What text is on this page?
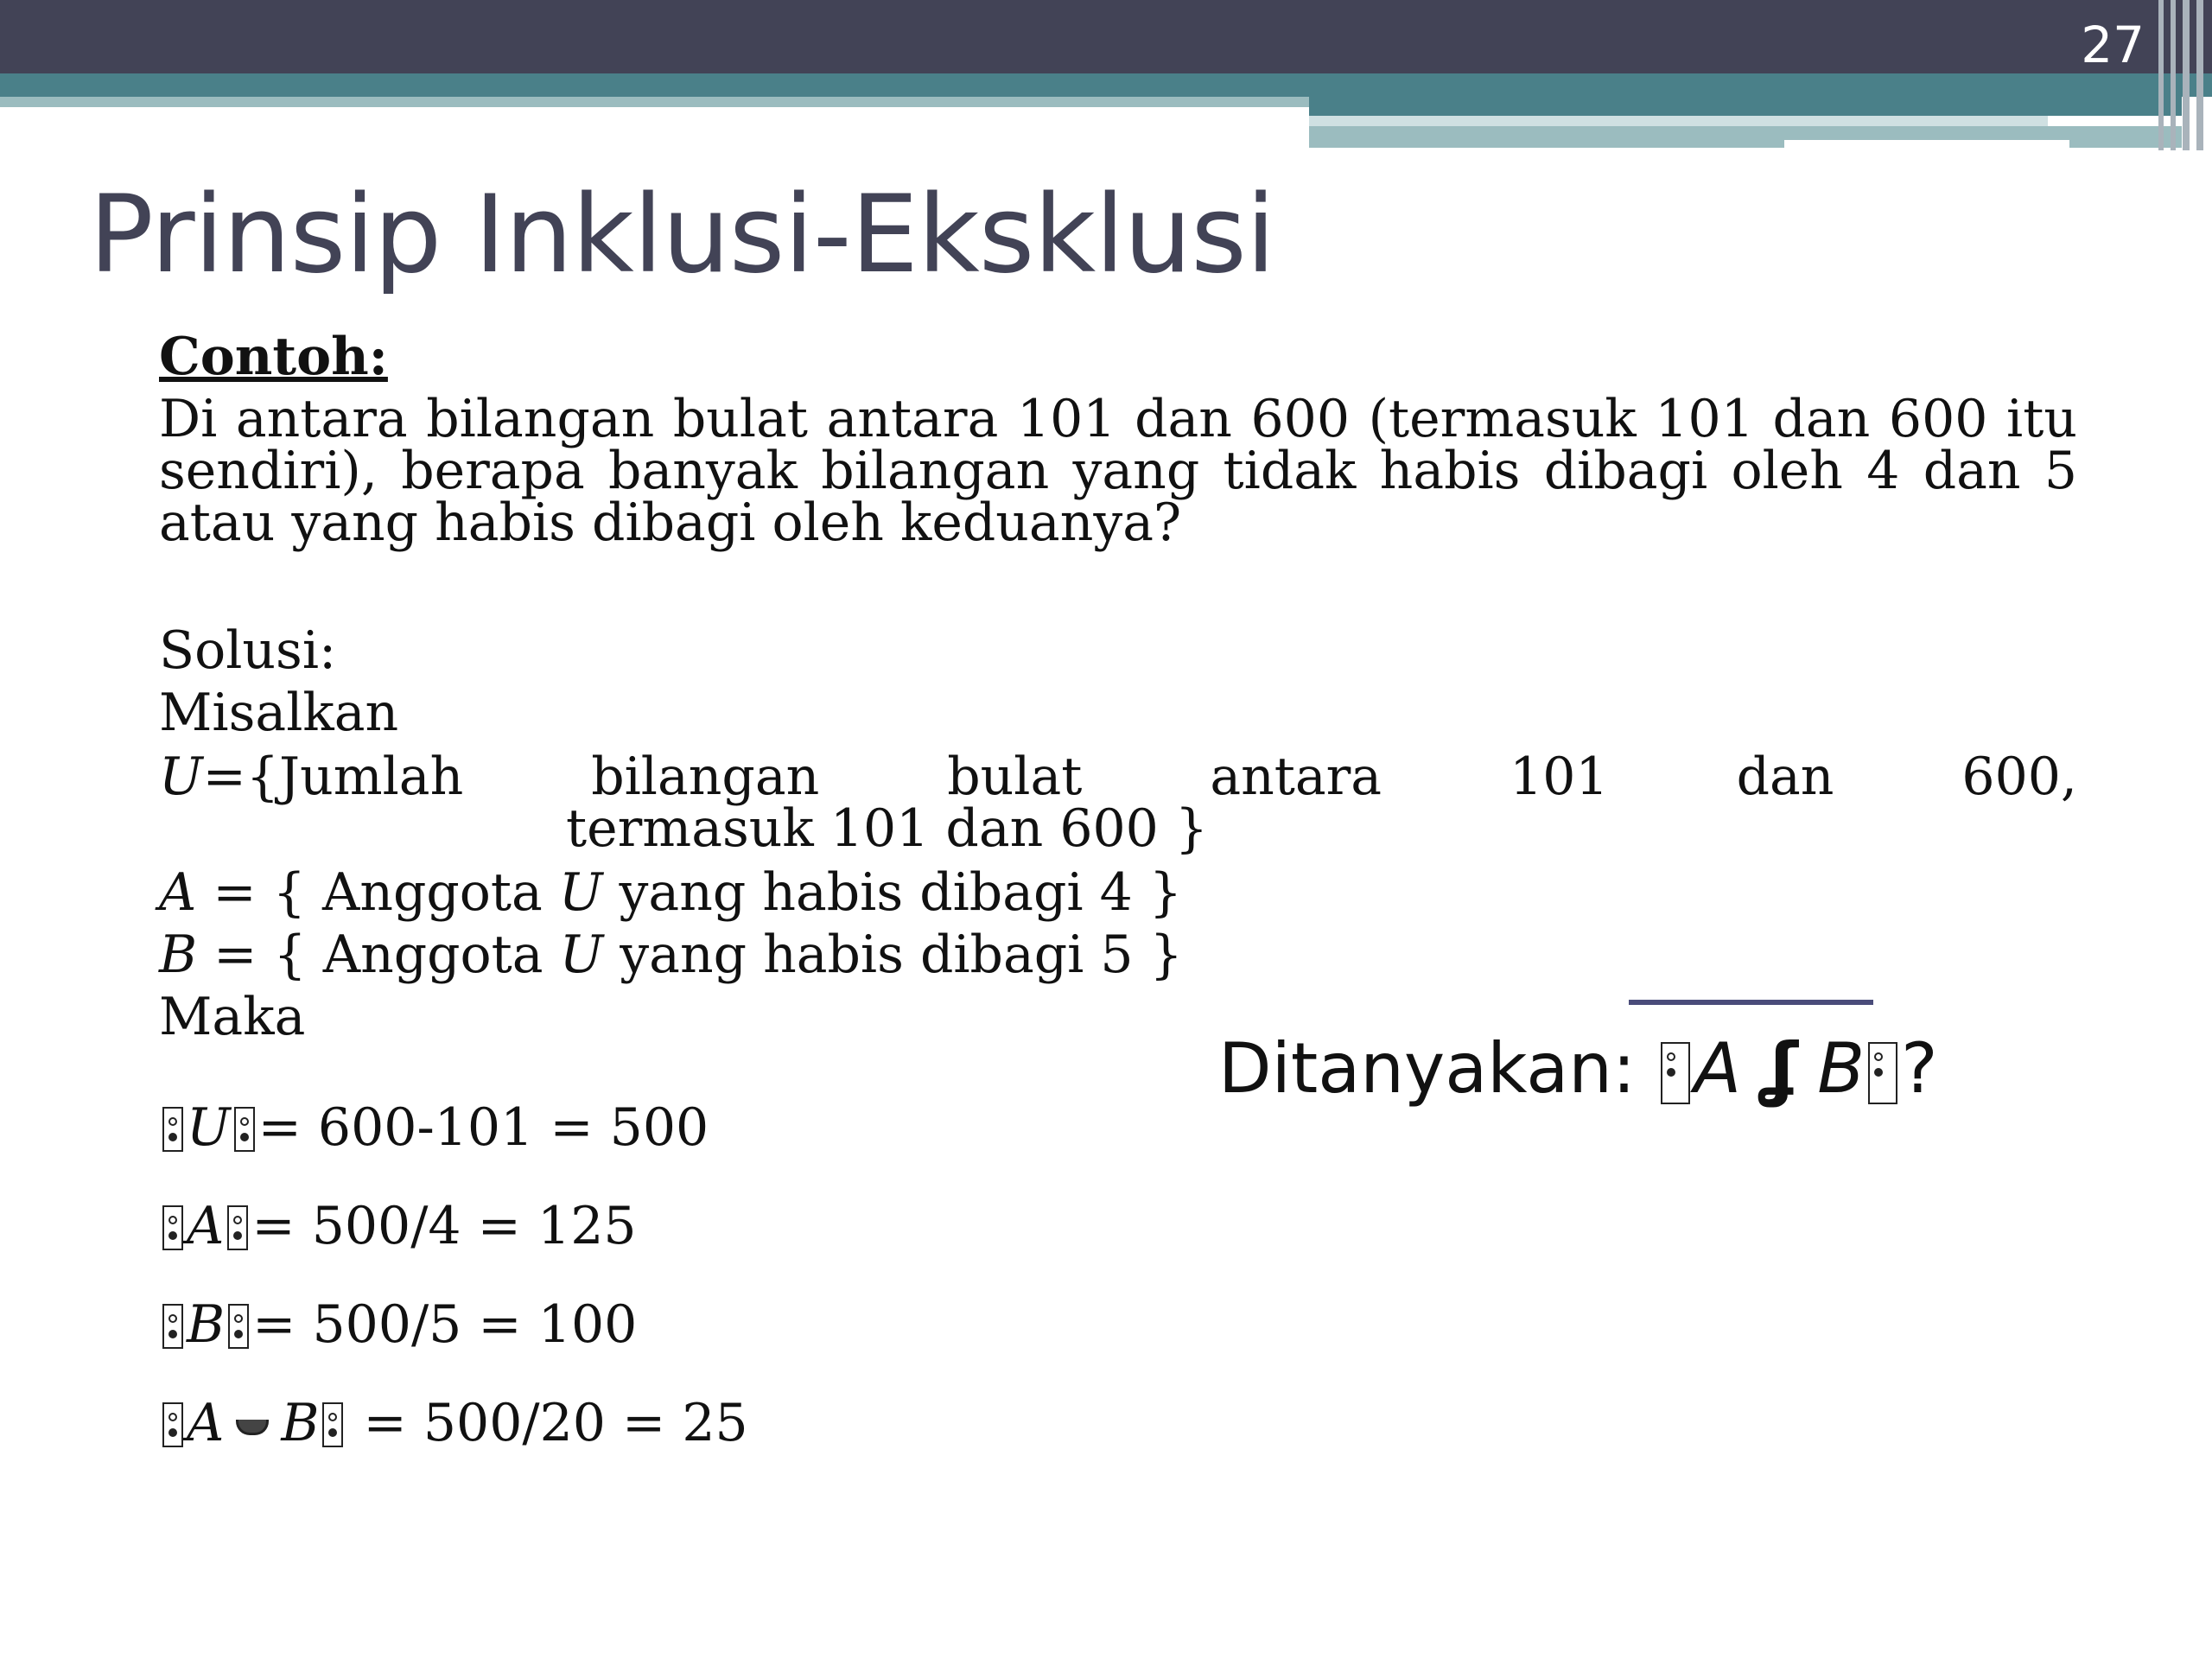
27
Prinsip Inklusi-Eksklusi
Contoh:
Di antara bilangan bulat antara 101 dan 600 (termasuk 101 dan 600 itu sendiri), berapa banyak bilangan yang tidak habis dibagi oleh 4 dan 5 atau yang habis dibagi oleh keduanya?
Solusi:
Misalkan
U={Jumlah bilangan bulat antara 101 dan 600,
termasuk 101 dan 600 }
A = { Anggota U yang habis dibagi 4 }
B = { Anggota U yang habis dibagi 5 }
Maka
U = 600-101 = 500
A = 500/4 = 125
B = 500/5 = 100
A B = 500/20 = 25
Ditanyakan: A ʆ B ?
